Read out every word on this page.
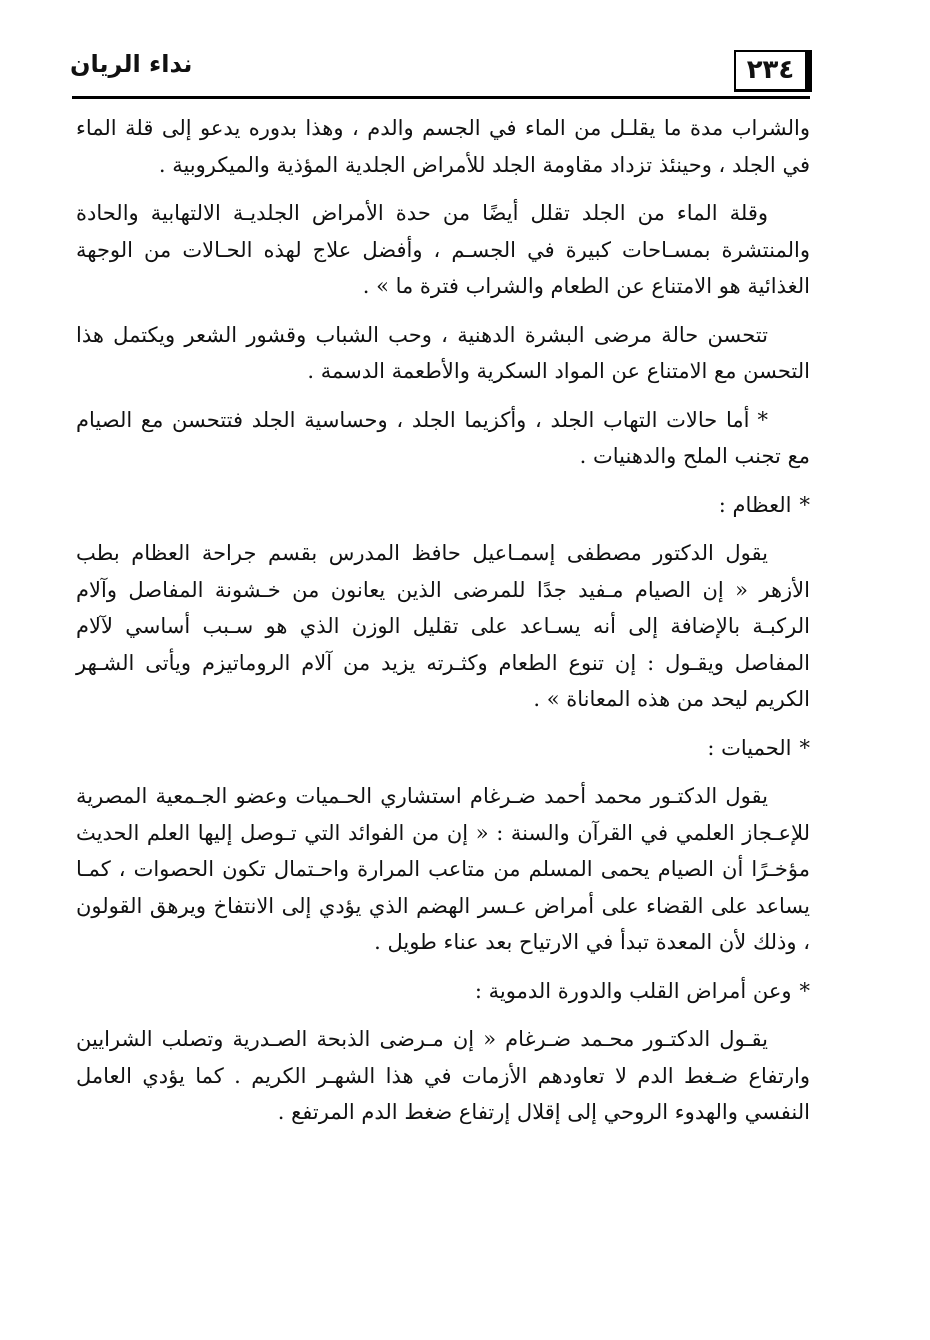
٢٣٤
نداء الريان

والشراب مدة ما يقلـل من الماء في الجسم والدم ، وهذا بدوره يدعو إلى قلة الماء في الجلد ، وحينئذ تزداد مقاومة الجلد للأمراض الجلدية المؤذية والميكروبية .

وقلة الماء من الجلد تقلل أيضًا من حدة الأمراض الجلديـة الالتهابية والحادة والمنتشرة بمسـاحات كبيرة في الجسـم ، وأفضل علاج لهذه الحـالات من الوجهة الغذائية هو الامتناع عن الطعام والشراب فترة ما » .

تتحسن حالة مرضى البشرة الدهنية ، وحب الشباب وقشور الشعر ويكتمل هذا التحسن مع الامتناع عن المواد السكرية والأطعمة الدسمة .

*أما حالات التهاب الجلد ، وأكزيما الجلد ، وحساسية الجلد فتتحسن مع الصيام مع تجنب الملح والدهنيات .

*العظام :

يقول الدكتور مصطفى إسمـاعيل حافظ المدرس بقسم جراحة العظام بطب الأزهر « إن الصيام مـفيد جدًا للمرضى الذين يعانون من خـشونة المفاصل وآلام الركبـة بالإضافة إلى أنه يسـاعد على تقليل الوزن الذي هو سـبب أساسي لآلام المفاصل ويقـول : إن تنوع الطعام وكثـرته يزيد من آلام الروماتيزم ويأتى الشـهر الكريم ليحد من هذه المعاناة » .

*الحميات :

يقول الدكتـور محمد أحمد ضـرغام استشاري الحـميات وعضو الجـمعية المصرية للإعـجاز العلمي في القرآن والسنة : « إن من الفوائد التي تـوصل إليها العلم الحديث مؤخـرًا أن الصيام يحمى المسلم من متاعب المرارة واحـتمال تكون الحصوات ، كمـا يساعد على القضاء على أمراض عـسر الهضم الذي يؤدي إلى الانتفاخ ويرهق القولون ، وذلك لأن المعدة تبدأ في الارتياح بعد عناء طويل .

*وعن أمراض القلب والدورة الدموية :

يقـول الدكتـور محـمد ضـرغام « إن مـرضى الذبحة الصـدرية وتصلب الشرايين وارتفاع ضـغط الدم لا تعاودهم الأزمات في هذا الشهـر الكريم . كما يؤدي العامل النفسي والهدوء الروحي إلى إقلال إرتفاع ضغط الدم المرتفع .
